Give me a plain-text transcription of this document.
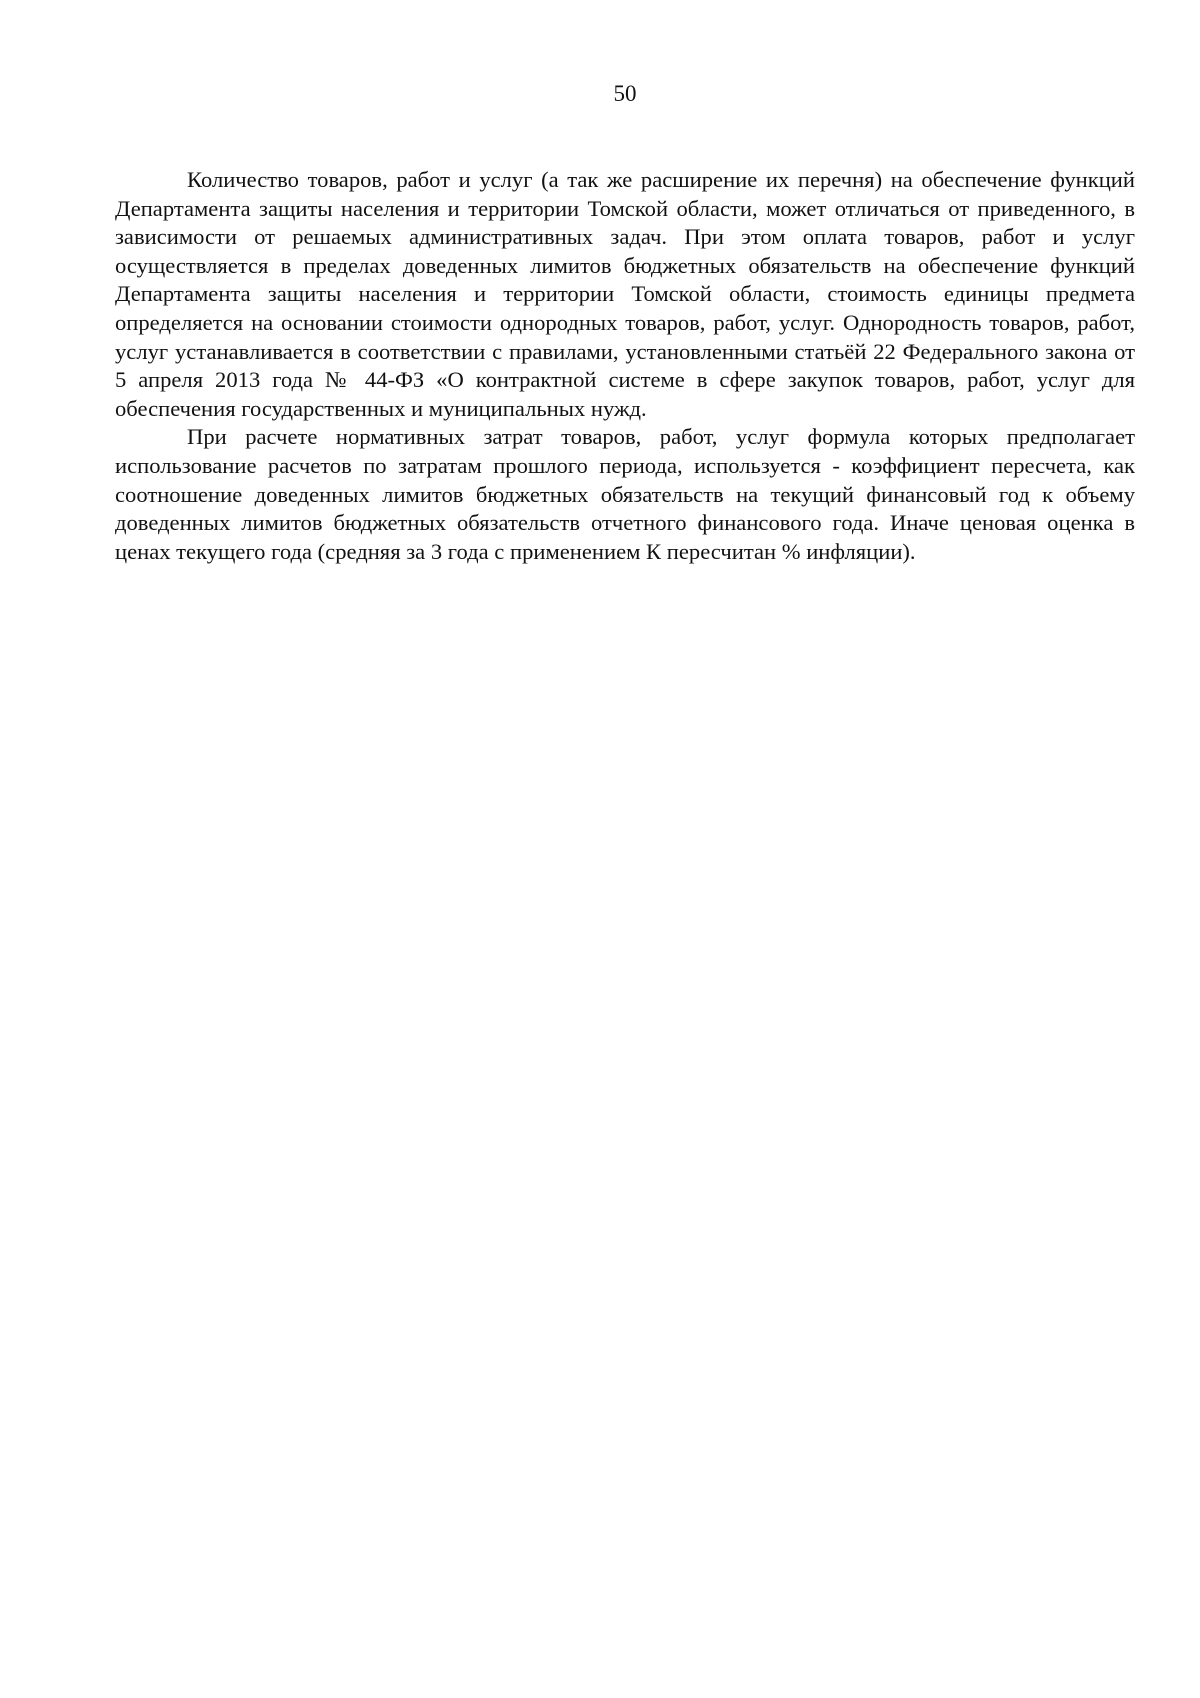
50

Количество товаров, работ и услуг (а так же расширение их перечня) на обеспечение функций Департамента защиты населения и территории Томской области, может отличаться от приведенного, в зависимости от решаемых административных задач. При этом оплата товаров, работ и услуг осуществляется в пределах доведенных лимитов бюджетных обязательств на обеспечение функций Департамента защиты населения и территории Томской области, стоимость единицы предмета определяется на основании стоимости однородных товаров, работ, услуг. Однородность товаров, работ, услуг устанавливается в соответствии с правилами, установленными статьёй 22 Федерального закона от 5 апреля 2013 года № 44-ФЗ «О контрактной системе в сфере закупок товаров, работ, услуг для обеспечения государственных и муниципальных нужд.

При расчете нормативных затрат товаров, работ, услуг формула которых предполагает использование расчетов по затратам прошлого периода, используется - коэффициент пересчета, как соотношение доведенных лимитов бюджетных обязательств на текущий финансовый год к объему доведенных лимитов бюджетных обязательств отчетного финансового года. Иначе ценовая оценка в ценах текущего года (средняя за 3 года с применением К пересчитан % инфляции).
